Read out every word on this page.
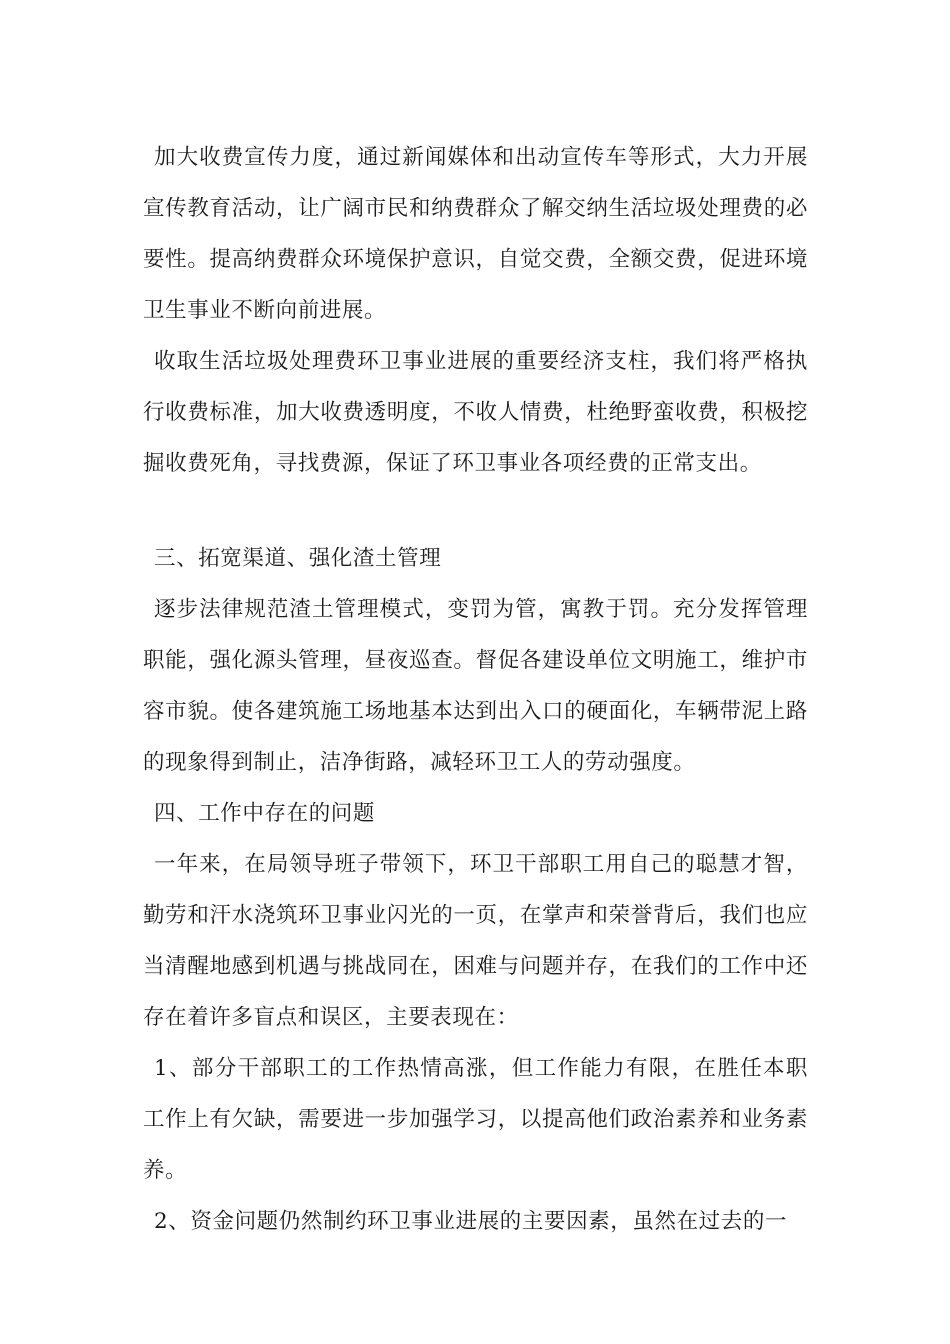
加大收费宣传力度，通过新闻媒体和出动宣传车等形式，大力开展宣传教育活动，让广阔市民和纳费群众了解交纳生活垃圾处理费的必要性。提高纳费群众环境保护意识，自觉交费，全额交费，促进环境卫生事业不断向前进展。

收取生活垃圾处理费环卫事业进展的重要经济支柱，我们将严格执行收费标准，加大收费透明度，不收人情费，杜绝野蛮收费，积极挖掘收费死角，寻找费源，保证了环卫事业各项经费的正常支出。

三、拓宽渠道、强化渣土管理

逐步法律规范渣土管理模式，变罚为管，寓教于罚。充分发挥管理职能，强化源头管理，昼夜巡查。督促各建设单位文明施工，维护市容市貌。使各建筑施工场地基本达到出入口的硬面化，车辆带泥上路的现象得到制止，洁净街路，减轻环卫工人的劳动强度。

四、工作中存在的问题

一年来，在局领导班子带领下，环卫干部职工用自己的聪慧才智，勤劳和汗水浇筑环卫事业闪光的一页，在掌声和荣誉背后，我们也应当清醒地感到机遇与挑战同在，困难与问题并存，在我们的工作中还存在着许多盲点和误区，主要表现在：

1、部分干部职工的工作热情高涨，但工作能力有限，在胜任本职工作上有欠缺，需要进一步加强学习，以提高他们政治素养和业务素养。

2、资金问题仍然制约环卫事业进展的主要因素，虽然在过去的一
